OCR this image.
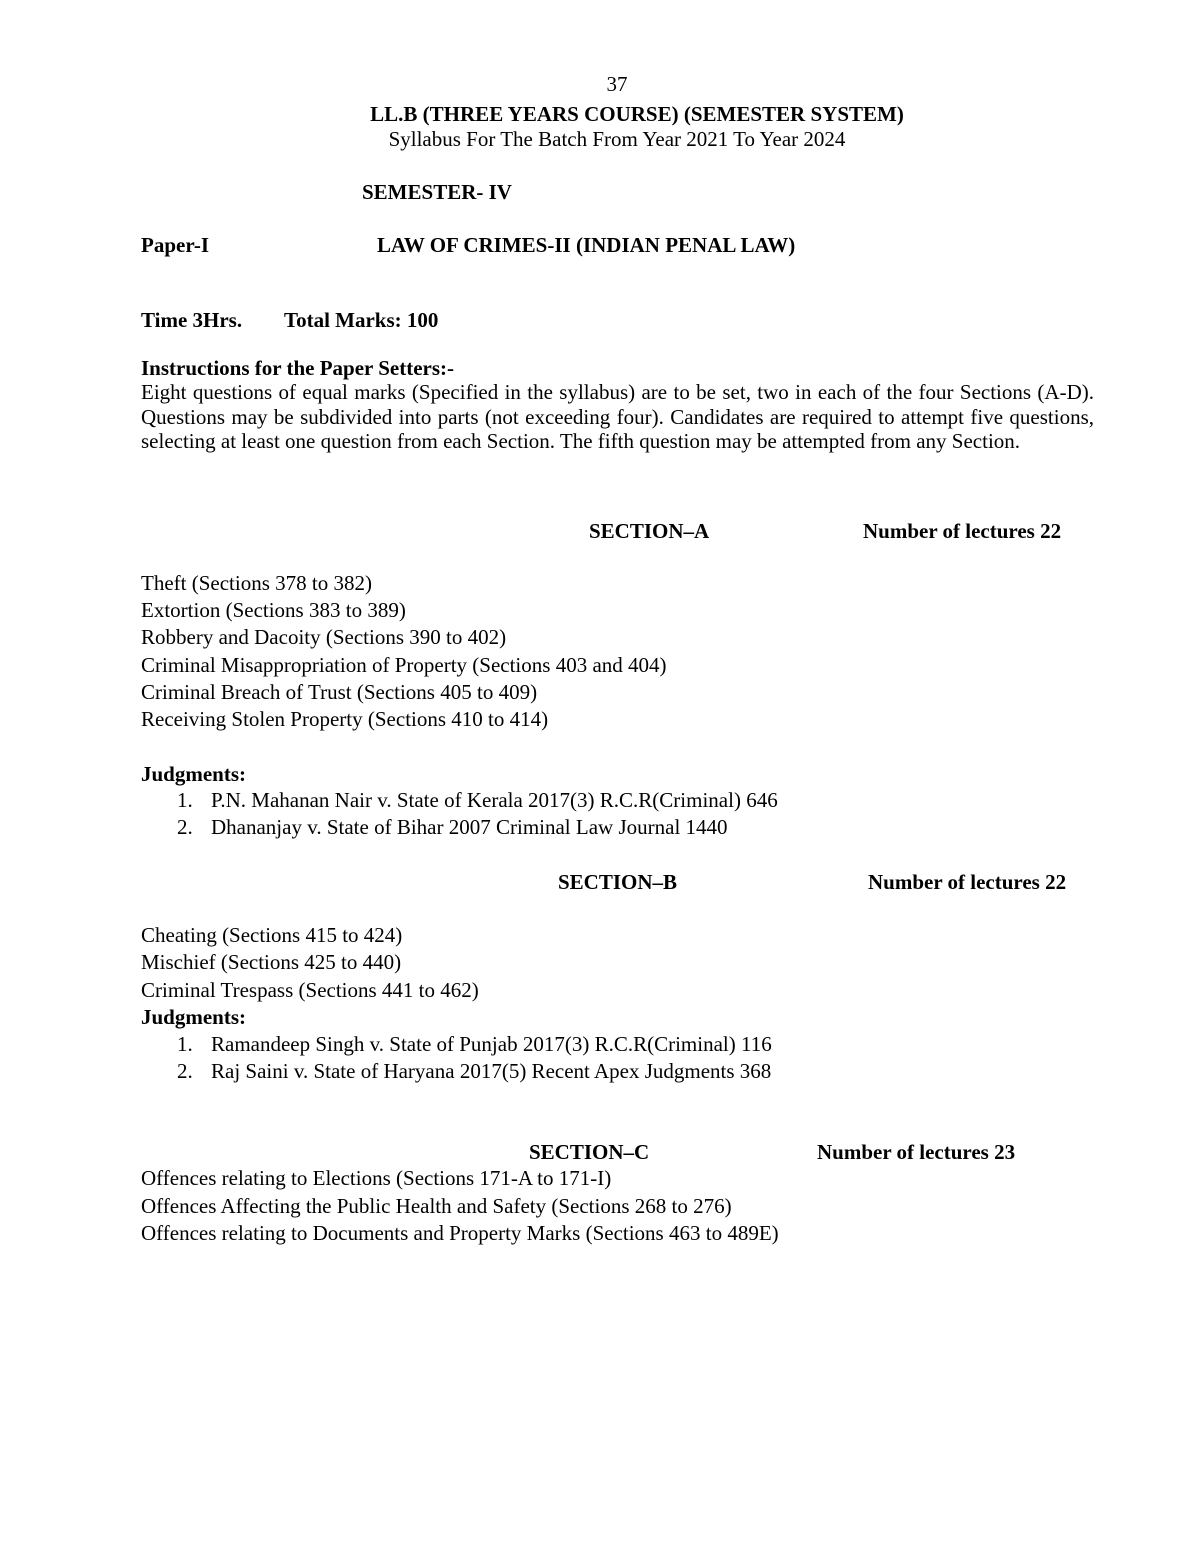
37
LL.B (THREE YEARS COURSE) (SEMESTER SYSTEM)
Syllabus For The Batch From Year 2021 To Year 2024
SEMESTER- IV
Paper-I	LAW OF CRIMES-II (INDIAN PENAL LAW)
Time 3Hrs. Total Marks: 100
Instructions for the Paper Setters:-
Eight questions of equal marks (Specified in the syllabus) are to be set, two in each of the four Sections (A-D). Questions may be subdivided into parts (not exceeding four). Candidates are required to attempt five questions, selecting at least one question from each Section. The fifth question may be attempted from any Section.
SECTION–A	Number of lectures 22
Theft (Sections 378 to 382)
Extortion (Sections 383 to 389)
Robbery and Dacoity (Sections 390 to 402)
Criminal Misappropriation of Property (Sections 403 and 404)
Criminal Breach of Trust (Sections 405 to 409)
Receiving Stolen Property (Sections 410 to 414)
Judgments:
1. P.N. Mahanan Nair v. State of Kerala 2017(3) R.C.R(Criminal) 646
2. Dhananjay v. State of Bihar 2007 Criminal Law Journal 1440
SECTION–B	Number of lectures 22
Cheating (Sections 415 to 424)
Mischief (Sections 425 to 440)
Criminal Trespass (Sections 441 to 462)
Judgments:
1. Ramandeep Singh v. State of Punjab 2017(3) R.C.R(Criminal) 116
2. Raj Saini v. State of Haryana 2017(5) Recent Apex Judgments 368
SECTION–C	Number of lectures 23
Offences relating to Elections (Sections 171-A to 171-I)
Offences Affecting the Public Health and Safety (Sections 268 to 276)
Offences relating to Documents and Property Marks (Sections 463 to 489E)
